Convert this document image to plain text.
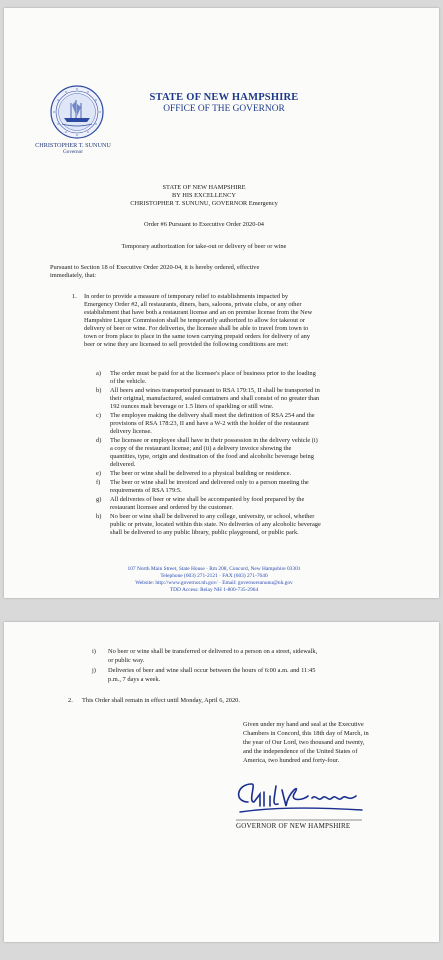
CHRISTOPHER T. SUNUNU
Governor
STATE OF NEW HAMPSHIRE
OFFICE OF THE GOVERNOR
STATE OF NEW HAMPSHIRE
BY HIS EXCELLENCY
CHRISTOPHER T. SUNUNU, GOVERNOR Emergency
Order #6 Pursuant to Executive Order 2020-04
Temporary authorization for take-out or delivery of beer or wine
Pursuant to Section 18 of Executive Order 2020-04, it is hereby ordered, effective
immediately, that:
1. In order to provide a measure of temporary relief to establishments impacted by
Emergency Order #2, all restaurants, diners, bars, saloons, private clubs, or any other
establishment that have both a restaurant license and an on premise license from the New
Hampshire Liquor Commission shall be temporarily authorized to allow for takeout or
delivery of beer or wine. For deliveries, the licensee shall be able to travel from town to
town or from place to place in the same town carrying prepaid orders for delivery of any
beer or wine they are licensed to sell provided the following conditions are met:
a) The order must be paid for at the licensee's place of business prior to the loading
of the vehicle.
b) All beers and wines transported pursuant to RSA 179:15, II shall be transported in
their original, manufactured, sealed containers and shall consist of no greater than
192 ounces malt beverage or 1.5 liters of sparkling or still wine.
c) The employee making the delivery shall meet the definition of RSA 254 and the
provisions of RSA 178:23, II and have a W-2 with the holder of the restaurant
delivery license.
d) The licensee or employee shall have in their possession in the delivery vehicle (i)
a copy of the restaurant license; and (ii) a delivery invoice showing the
quantities, type, origin and destination of the food and alcoholic beverage being
delivered.
e) The beer or wine shall be delivered to a physical building or residence.
f) The beer or wine shall be invoiced and delivered only to a person meeting the
requirements of RSA 179:5.
g) All deliveries of beer or wine shall be accompanied by food prepared by the
restaurant licensee and ordered by the customer.
h) No beer or wine shall be delivered to any college, university, or school, whether
public or private, located within this state. No deliveries of any alcoholic beverage
shall be delivered to any public library, public playground, or public park.
107 North Main Street, State House · Rm 208, Concord, New Hampshire 03301
Telephone (603) 271-2121 · FAX (603) 271-7640
Website: http://www.governor.nh.gov/ · Email: governorsununu@nh.gov
TDD Access: Relay NH 1-800-735-2964
i) No beer or wine shall be transferred or delivered to a person on a street, sidewalk,
or public way.
j) Deliveries of beer and wine shall occur between the hours of 6:00 a.m. and 11:45
p.m., 7 days a week.
2. This Order shall remain in effect until Monday, April 6, 2020.
Given under my hand and seal at the Executive
Chambers in Concord, this 18th day of March, in
the year of Our Lord, two thousand and twenty,
and the independence of the United States of
America, two hundred and forty-four.
GOVERNOR OF NEW HAMPSHIRE
